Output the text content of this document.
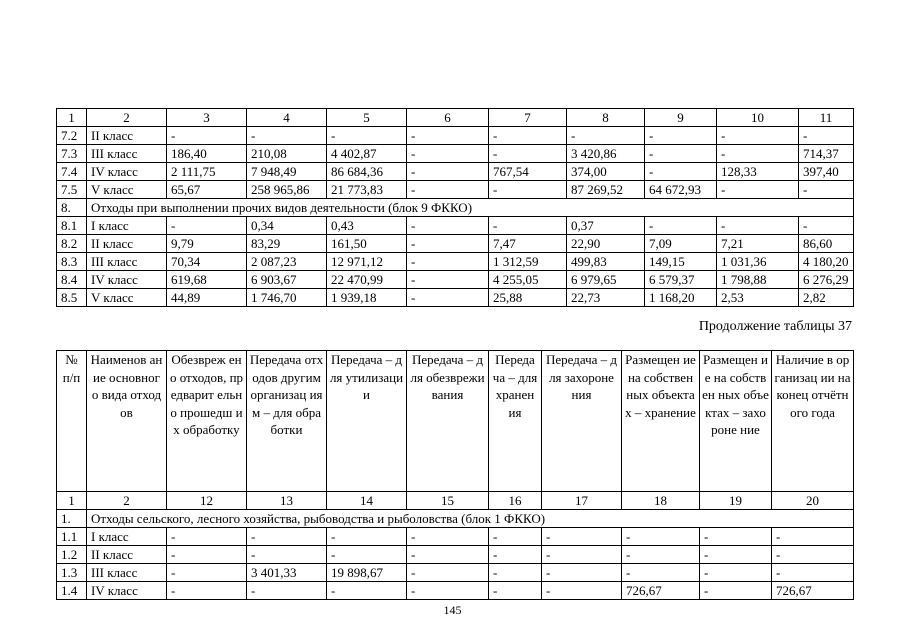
1	2	3	4	5	6	7	8	9	10	11
7.2	II класс	-	-	-	-	-	-	-	-	-
7.3	III класс	186,40	210,08	4 402,87	-	-	3 420,86	-	-	714,37
7.4	IV класс	2 111,75	7 948,49	86 684,36	-	767,54	374,00	-	128,33	397,40
7.5	V класс	65,67	258 965,86	21 773,83	-	-	87 269,52	64 672,93	-	-
8.	Отходы при выполнении прочих видов деятельности (блок 9 ФККО)									
8.1	I класс	-	0,34	0,43	-	-	0,37	-	-	-
8.2	II класс	9,79	83,29	161,50	-	7,47	22,90	7,09	7,21	86,60
8.3	III класс	70,34	2 087,23	12 971,12	-	1 312,59	499,83	149,15	1 031,36	4 180,20
8.4	IV класс	619,68	6 903,67	22 470,99	-	4 255,05	6 979,65	6 579,37	1 798,88	6 276,29
8.5	V класс	44,89	1 746,70	1 939,18	-	25,88	22,73	1 168,20	2,53	2,82
Продолжение таблицы 37
№ п/п	Наименов ание основног о вида отходов	Обезвреж ено отходов, предварит ельно прошедш их обработку	Передача отходов другим организац иям – для обработки	Передача – для утилизаци и	Передача – для обезврежи вания	Переда ча – для хранен ия	Передача – для захороне ния	Размещен ие на собствен ных объектах – хранение	Размещен ие на собствен ных объектах – захороне ние	Наличие в организац ии на конец отчётного года
1	2	12	13	14	15	16	17	18	19	20
1.	Отходы сельского, лесного хозяйства, рыбоводства и рыболовства (блок 1 ФККО)									
1.1	I класс	-	-	-	-	-	-	-	-	-
1.2	II класс	-	-	-	-	-	-	-	-	-
1.3	III класс	-	3 401,33	19 898,67	-	-	-	-	-	-
1.4	IV класс	-	-	-	-	-	-	726,67	-	726,67
145
